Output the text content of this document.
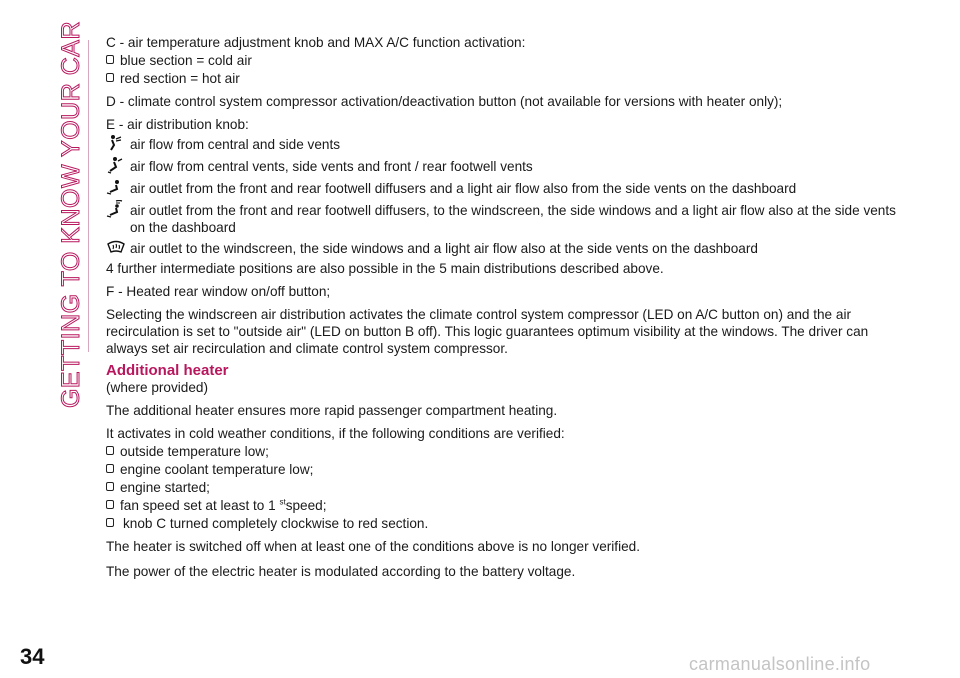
GETTING TO KNOW YOUR CAR
34	carmanualsonline.info
C - air temperature adjustment knob and MAX A/C function activation:
blue section = cold air
red section = hot air
D - climate control system compressor activation/deactivation button (not available for versions with heater only);
E - air distribution knob:
air flow from central and side vents
air flow from central vents, side vents and front / rear footwell vents
air outlet from the front and rear footwell diffusers and a light air flow also from the side vents on the dashboard
air outlet from the front and rear footwell diffusers, to the windscreen, the side windows and a light air flow also at the side vents on the dashboard
air outlet to the windscreen, the side windows and a light air flow also at the side vents on the dashboard
4 further intermediate positions are also possible in the 5 main distributions described above.
F - Heated rear window on/off button;
Selecting the windscreen air distribution activates the climate control system compressor (LED on A/C button on) and the air recirculation is set to "outside air" (LED on button B off). This logic guarantees optimum visibility at the windows. The driver can always set air recirculation and climate control system compressor.
Additional heater
(where provided)
The additional heater ensures more rapid passenger compartment heating.
It activates in cold weather conditions, if the following conditions are verified:
outside temperature low;
engine coolant temperature low;
engine started;
fan speed set at least to 1 $^{st}$speed;
knob C turned completely clockwise to red section.
The heater is switched off when at least one of the conditions above is no longer verified.
The power of the electric heater is modulated according to the battery voltage.
